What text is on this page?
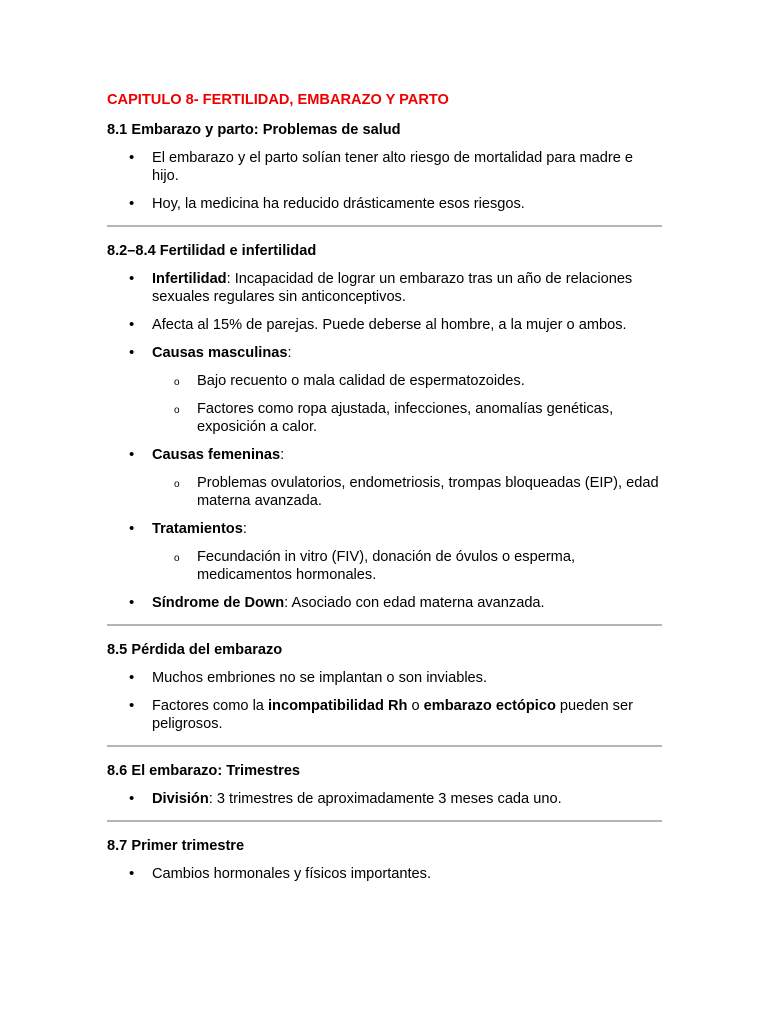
CAPITULO 8- FERTILIDAD, EMBARAZO Y PARTO
8.1 Embarazo y parto: Problemas de salud
• El embarazo y el parto solían tener alto riesgo de mortalidad para madre e hijo.
• Hoy, la medicina ha reducido drásticamente esos riesgos.
8.2–8.4 Fertilidad e infertilidad
• Infertilidad: Incapacidad de lograr un embarazo tras un año de relaciones sexuales regulares sin anticonceptivos.
• Afecta al 15% de parejas. Puede deberse al hombre, a la mujer o ambos.
• Causas masculinas:
o Bajo recuento o mala calidad de espermatozoides.
o Factores como ropa ajustada, infecciones, anomalías genéticas, exposición a calor.
• Causas femeninas:
o Problemas ovulatorios, endometriosis, trompas bloqueadas (EIP), edad materna avanzada.
• Tratamientos:
o Fecundación in vitro (FIV), donación de óvulos o esperma, medicamentos hormonales.
• Síndrome de Down: Asociado con edad materna avanzada.
8.5 Pérdida del embarazo
• Muchos embriones no se implantan o son inviables.
• Factores como la incompatibilidad Rh o embarazo ectópico pueden ser peligrosos.
8.6 El embarazo: Trimestres
• División: 3 trimestres de aproximadamente 3 meses cada uno.
8.7 Primer trimestre
• Cambios hormonales y físicos importantes.
